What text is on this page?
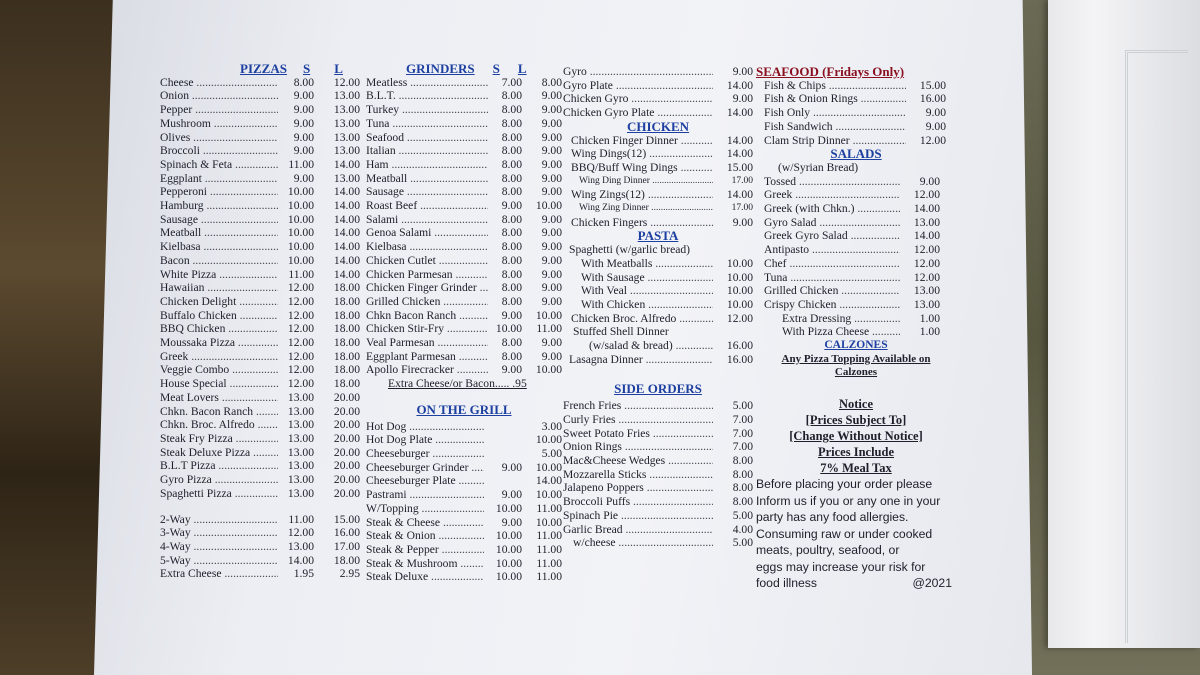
PIZZAS S L
Cheese .....	8.00	12.00
Onion .....	9.00	13.00
Pepper .....	9.00	13.00
Mushroom .....	9.00	13.00
Olives .....	9.00	13.00
Broccoli .....	9.00	13.00
Spinach & Feta .....	11.00	14.00
Eggplant .....	9.00	13.00
Pepperoni .....	10.00	14.00
Hamburg .....	10.00	14.00
Sausage .....	10.00	14.00
Meatball .....	10.00	14.00
Kielbasa .....	10.00	14.00
Bacon .....	10.00	14.00
White Pizza .....	11.00	14.00
Hawaiian .....	12.00	18.00
Chicken Delight .....	12.00	18.00
Buffalo Chicken .....	12.00	18.00
BBQ Chicken .....	12.00	18.00
Moussaka Pizza .....	12.00	18.00
Greek .....	12.00	18.00
Veggie Combo .....	12.00	18.00
House Special .....	12.00	18.00
Meat Lovers .....	13.00	20.00
Chkn. Bacon Ranch .....	13.00	20.00
Chkn. Broc. Alfredo .....	13.00	20.00
Steak Fry Pizza .....	13.00	20.00
Steak Deluxe Pizza .....	13.00	20.00
B.L.T Pizza .....	13.00	20.00
Gyro Pizza .....	13.00	20.00
Spaghetti Pizza .....	13.00	20.00
2-Way .....	11.00	15.00
3-Way .....	12.00	16.00
4-Way .....	13.00	17.00
5-Way .....	14.00	18.00
Extra Cheese .....	1.95	2.95
GRINDERS S L
Meatless .....	7.00	8.00
B.L.T. .....	8.00	9.00
Turkey .....	8.00	9.00
Tuna .....	8.00	9.00
Seafood .....	8.00	9.00
Italian .....	8.00	9.00
Ham .....	8.00	9.00
Meatball .....	8.00	9.00
Sausage .....	8.00	9.00
Roast Beef .....	9.00	10.00
Salami .....	8.00	9.00
Genoa Salami .....	8.00	9.00
Kielbasa .....	8.00	9.00
Chicken Cutlet .....	8.00	9.00
Chicken Parmesan .....	8.00	9.00
Chicken Finger Grinder .....	8.00	9.00
Grilled Chicken .....	8.00	9.00
Chkn Bacon Ranch .....	9.00	10.00
Chicken Stir-Fry .....	10.00	11.00
Veal Parmesan .....	8.00	9.00
Eggplant Parmesan .....	8.00	9.00
Apollo Firecracker .....	9.00	10.00
Extra Cheese/or Bacon..... .95
ON THE GRILL
Hot Dog .....	3.00
Hot Dog Plate .....	10.00
Cheeseburger .....	5.00
Cheeseburger Grinder .....	9.00	10.00
Cheeseburger Plate .....	14.00
Pastrami .....	9.00	10.00
W/Topping .....	10.00	11.00
Steak & Cheese .....	9.00	10.00
Steak & Onion .....	10.00	11.00
Steak & Pepper .....	10.00	11.00
Steak & Mushroom .....	10.00	11.00
Steak Deluxe .....	10.00	11.00
Gyro .....	9.00
Gyro Plate .....	14.00
Chicken Gyro .....	9.00
Chicken Gyro Plate .....	14.00
CHICKEN
Chicken Finger Dinner .....	14.00
Wing Dings(12) .....	14.00
BBQ/Buff Wing Dings .....	15.00
Wing Ding Dinner .....	17.00
Wing Zings(12) .....	14.00
Wing Zing Dinner .....	17.00
Chicken Fingers .....	9.00
PASTA
Spaghetti (w/garlic bread)
With Meatballs .....	10.00
With Sausage .....	10.00
With Veal .....	10.00
With Chicken .....	10.00
Chicken Broc. Alfredo .....	12.00
Stuffed Shell Dinner
(w/salad & bread) .....	16.00
Lasagna Dinner .....	16.00
SIDE ORDERS
French Fries .....	5.00
Curly Fries .....	7.00
Sweet Potato Fries .....	7.00
Onion Rings .....	7.00
Mac&Cheese Wedges .....	8.00
Mozzarella Sticks .....	8.00
Jalapeno Poppers .....	8.00
Broccoli Puffs .....	8.00
Spinach Pie .....	5.00
Garlic Bread .....	4.00
w/cheese .....	5.00
SEAFOOD (Fridays Only)
Fish & Chips .....	15.00
Fish & Onion Rings .....	16.00
Fish Only .....	9.00
Fish Sandwich .....	9.00
Clam Strip Dinner .....	12.00
SALADS
(w/Syrian Bread)
Tossed .....	9.00
Greek .....	12.00
Greek (with Chkn.) .....	14.00
Gyro Salad .....	13.00
Greek Gyro Salad .....	14.00
Antipasto .....	12.00
Chef .....	12.00
Tuna .....	12.00
Grilled Chicken .....	13.00
Crispy Chicken .....	13.00
Extra Dressing .....	1.00
With Pizza Cheese .....	1.00
CALZONES
Any Pizza Topping Available on
Calzones
Notice
[Prices Subject To]
[Change Without Notice]
Prices Include
7% Meal Tax
Before placing your order please
Inform us if you or any one in your
party has any food allergies.
Consuming raw or under cooked
meats, poultry, seafood, or
eggs may increase your risk for
food illness	@2021
